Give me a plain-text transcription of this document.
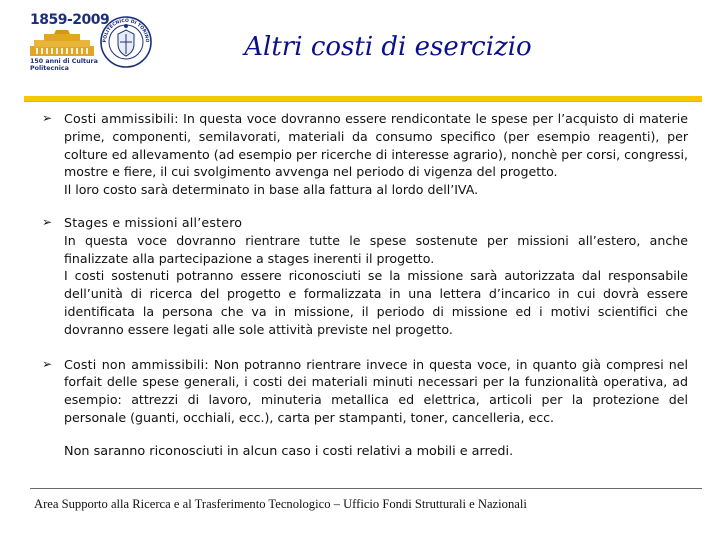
1859-2009
150 anni di Cultura
Politecnica
POLITECNICO DI TORINO	Altri costi di esercizio
➢ Costi ammissibili: In questa voce dovranno essere rendicontate le spese per l’acquisto di materie prime, componenti, semilavorati, materiali da consumo specifico (per esempio reagenti), per colture ed allevamento (ad esempio per ricerche di interesse agrario), nonchè per corsi, congressi, mostre e fiere, il cui svolgimento avvenga nel periodo di vigenza del progetto.
Il loro costo sarà determinato in base alla fattura al lordo dell’IVA.
➢ Stages e missioni all’estero
In questa voce dovranno rientrare tutte le spese sostenute per missioni all’estero, anche finalizzate alla partecipazione a stages inerenti il progetto.
I costi sostenuti potranno essere riconosciuti se la missione sarà autorizzata dal responsabile dell’unità di ricerca del progetto e formalizzata in una lettera d’incarico in cui dovrà essere identificata la persona che va in missione, il periodo di missione ed i motivi scientifici che dovranno essere legati alle sole attività previste nel progetto.
➢ Costi non ammissibili: Non potranno rientrare invece in questa voce, in quanto già compresi nel forfait delle spese generali, i costi dei materiali minuti necessari per la funzionalità operativa, ad esempio: attrezzi di lavoro, minuteria metallica ed elettrica, articoli per la protezione del personale (guanti, occhiali, ecc.), carta per stampanti, toner, cancelleria, ecc.
Non saranno riconosciuti in alcun caso i costi relativi a mobili e arredi.
Area Supporto alla Ricerca e al Trasferimento Tecnologico – Ufficio Fondi Strutturali e Nazionali
